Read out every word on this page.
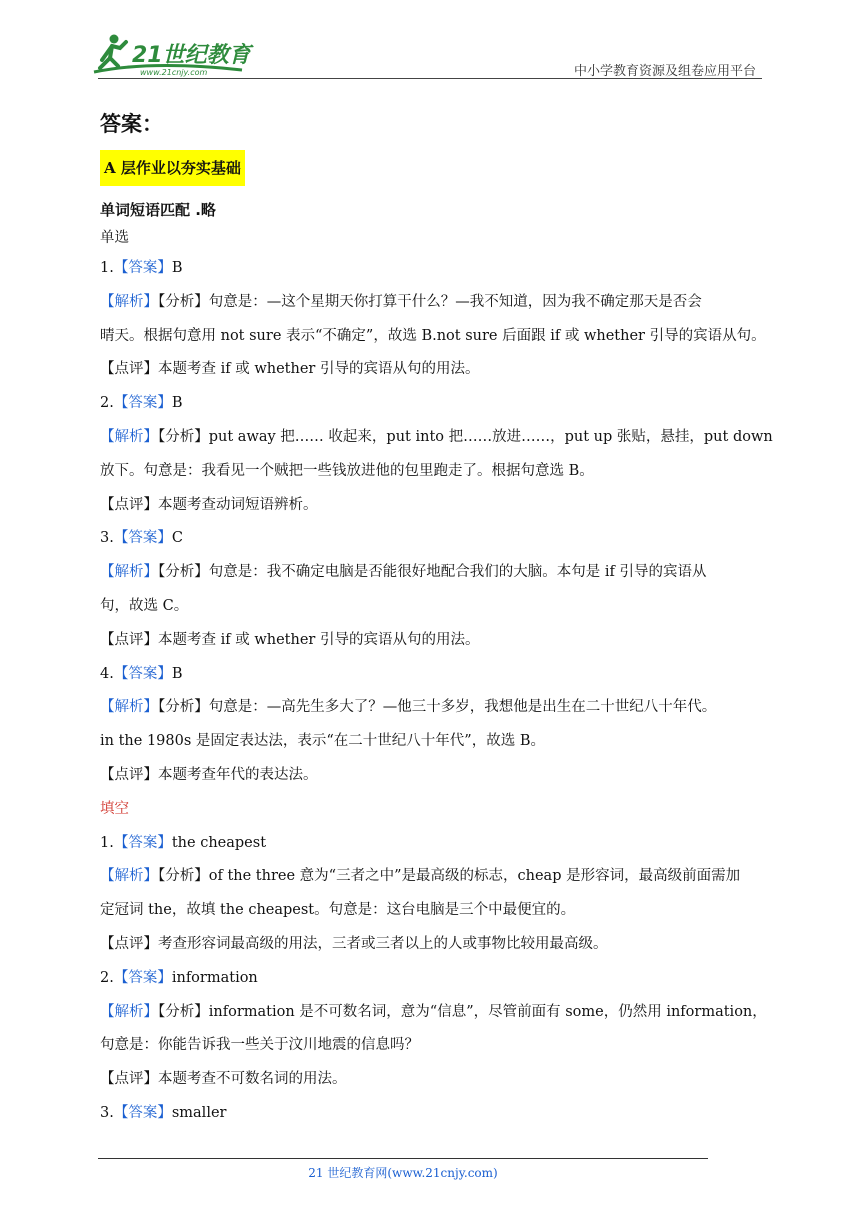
21世纪教育
www.21cnjy.com	中小学教育资源及组卷应用平台
答案：
A 层作业以夯实基础
单词短语匹配 .略
单选
1.【答案】B
【解析】【分析】句意是：—这个星期天你打算干什么？—我不知道，因为我不确定那天是否会
晴天。根据句意用 not sure 表示“不确定”，故选 B.not sure 后面跟 if 或 whether 引导的宾语从句。
【点评】本题考查 if 或 whether 引导的宾语从句的用法。
2.【答案】B
【解析】【分析】put away 把…… 收起来，put into 把……放进……，put up 张贴，悬挂，put down
放下。句意是：我看见一个贼把一些钱放进他的包里跑走了。根据句意选 B。
【点评】本题考查动词短语辨析。
3.【答案】C
【解析】【分析】句意是：我不确定电脑是否能很好地配合我们的大脑。本句是 if 引导的宾语从
句，故选 C。
【点评】本题考查 if 或 whether 引导的宾语从句的用法。
4.【答案】B
【解析】【分析】句意是：—高先生多大了？—他三十多岁，我想他是出生在二十世纪八十年代。
in the 1980s 是固定表达法，表示“在二十世纪八十年代”，故选 B。
【点评】本题考查年代的表达法。
填空
1.【答案】the cheapest
【解析】【分析】of the three 意为“三者之中”是最高级的标志，cheap 是形容词，最高级前面需加
定冠词 the，故填 the cheapest。句意是：这台电脑是三个中最便宜的。
【点评】考查形容词最高级的用法，三者或三者以上的人或事物比较用最高级。
2.【答案】information
【解析】【分析】information 是不可数名词，意为“信息”，尽管前面有 some，仍然用 information，
句意是：你能告诉我一些关于汶川地震的信息吗？
【点评】本题考查不可数名词的用法。
3.【答案】smaller
21 世纪教育网(www.21cnjy.com)
